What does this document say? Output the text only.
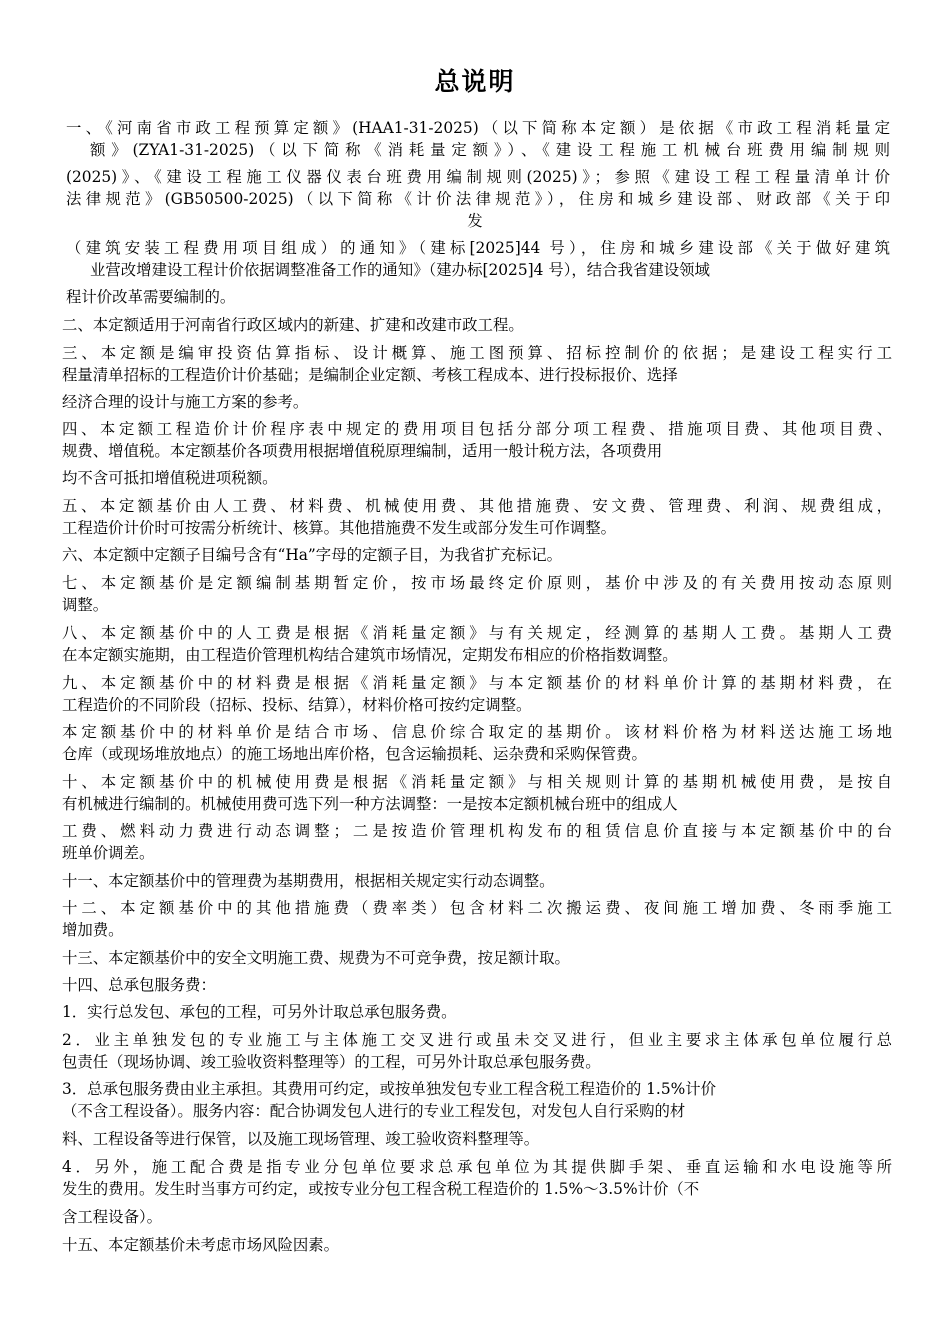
总说明
一、《河南省市政工程预算定额》(HAA1-31-2025)（以下简称本定额）是依据《市政工程消耗量定
额》(ZYA1-31-2025)（以下简称《消耗量定额》）、《建设工程施工机械台班费用编制规则
(2025)》、《建设工程施工仪器仪表台班费用编制规则(2025)》；参照《建设工程工程量清单计价
法律规范》(GB50500-2025)（以下简称《计价法律规范》），住房和城乡建设部、财政部《关于印
发
（建筑安装工程费用项目组成）的通知》（建标[2025]44 号），住房和城乡建设部《关于做好建筑
业营改增建设工程计价依据调整准备工作的通知》（建办标[2025]4 号），结合我省建设领域
程计价改革需要编制的。
二、本定额适用于河南省行政区域内的新建、扩建和改建市政工程。
三、本定额是编审投资估算指标、设计概算、施工图预算、招标控制价的依据；是建设工程实行工
程量清单招标的工程造价计价基础；是编制企业定额、考核工程成本、进行投标报价、选择
经济合理的设计与施工方案的参考。
四、本定额工程造价计价程序表中规定的费用项目包括分部分项工程费、措施项目费、其他项目费、
规费、增值税。本定额基价各项费用根据增值税原理编制，适用一般计税方法，各项费用
均不含可抵扣增值税进项税额。
五、本定额基价由人工费、材料费、机械使用费、其他措施费、安文费、管理费、利润、规费组成，
工程造价计价时可按需分析统计、核算。其他措施费不发生或部分发生可作调整。
六、本定额中定额子目编号含有“Ha”字母的定额子目，为我省扩充标记。
七、本定额基价是定额编制基期暂定价，按市场最终定价原则，基价中涉及的有关费用按动态原则
调整。
八、本定额基价中的人工费是根据《消耗量定额》与有关规定，经测算的基期人工费。基期人工费
在本定额实施期，由工程造价管理机构结合建筑市场情况，定期发布相应的价格指数调整。
九、本定额基价中的材料费是根据《消耗量定额》与本定额基价的材料单价计算的基期材料费，在
工程造价的不同阶段（招标、投标、结算），材料价格可按约定调整。
本定额基价中的材料单价是结合市场、信息价综合取定的基期价。该材料价格为材料送达施工场地
仓库（或现场堆放地点）的施工场地出库价格，包含运输损耗、运杂费和采购保管费。
十、本定额基价中的机械使用费是根据《消耗量定额》与相关规则计算的基期机械使用费，是按自
有机械进行编制的。机械使用费可选下列一种方法调整：一是按本定额机械台班中的组成人
工费、燃料动力费进行动态调整；二是按造价管理机构发布的租赁信息价直接与本定额基价中的台
班单价调差。
十一、本定额基价中的管理费为基期费用，根据相关规定实行动态调整。
十二、本定额基价中的其他措施费（费率类）包含材料二次搬运费、夜间施工增加费、冬雨季施工
增加费。
十三、本定额基价中的安全文明施工费、规费为不可竞争费，按足额计取。
十四、总承包服务费：
1．实行总发包、承包的工程，可另外计取总承包服务费。
2．业主单独发包的专业施工与主体施工交叉进行或虽未交叉进行，但业主要求主体承包单位履行总
包责任（现场协调、竣工验收资料整理等）的工程，可另外计取总承包服务费。
3．总承包服务费由业主承担。其费用可约定，或按单独发包专业工程含税工程造价的 1.5%计价
（不含工程设备）。服务内容：配合协调发包人进行的专业工程发包，对发包人自行采购的材
料、工程设备等进行保管，以及施工现场管理、竣工验收资料整理等。
4．另外，施工配合费是指专业分包单位要求总承包单位为其提供脚手架、垂直运输和水电设施等所
发生的费用。发生时当事方可约定，或按专业分包工程含税工程造价的 1.5%～3.5%计价（不
含工程设备）。
十五、本定额基价未考虑市场风险因素。
